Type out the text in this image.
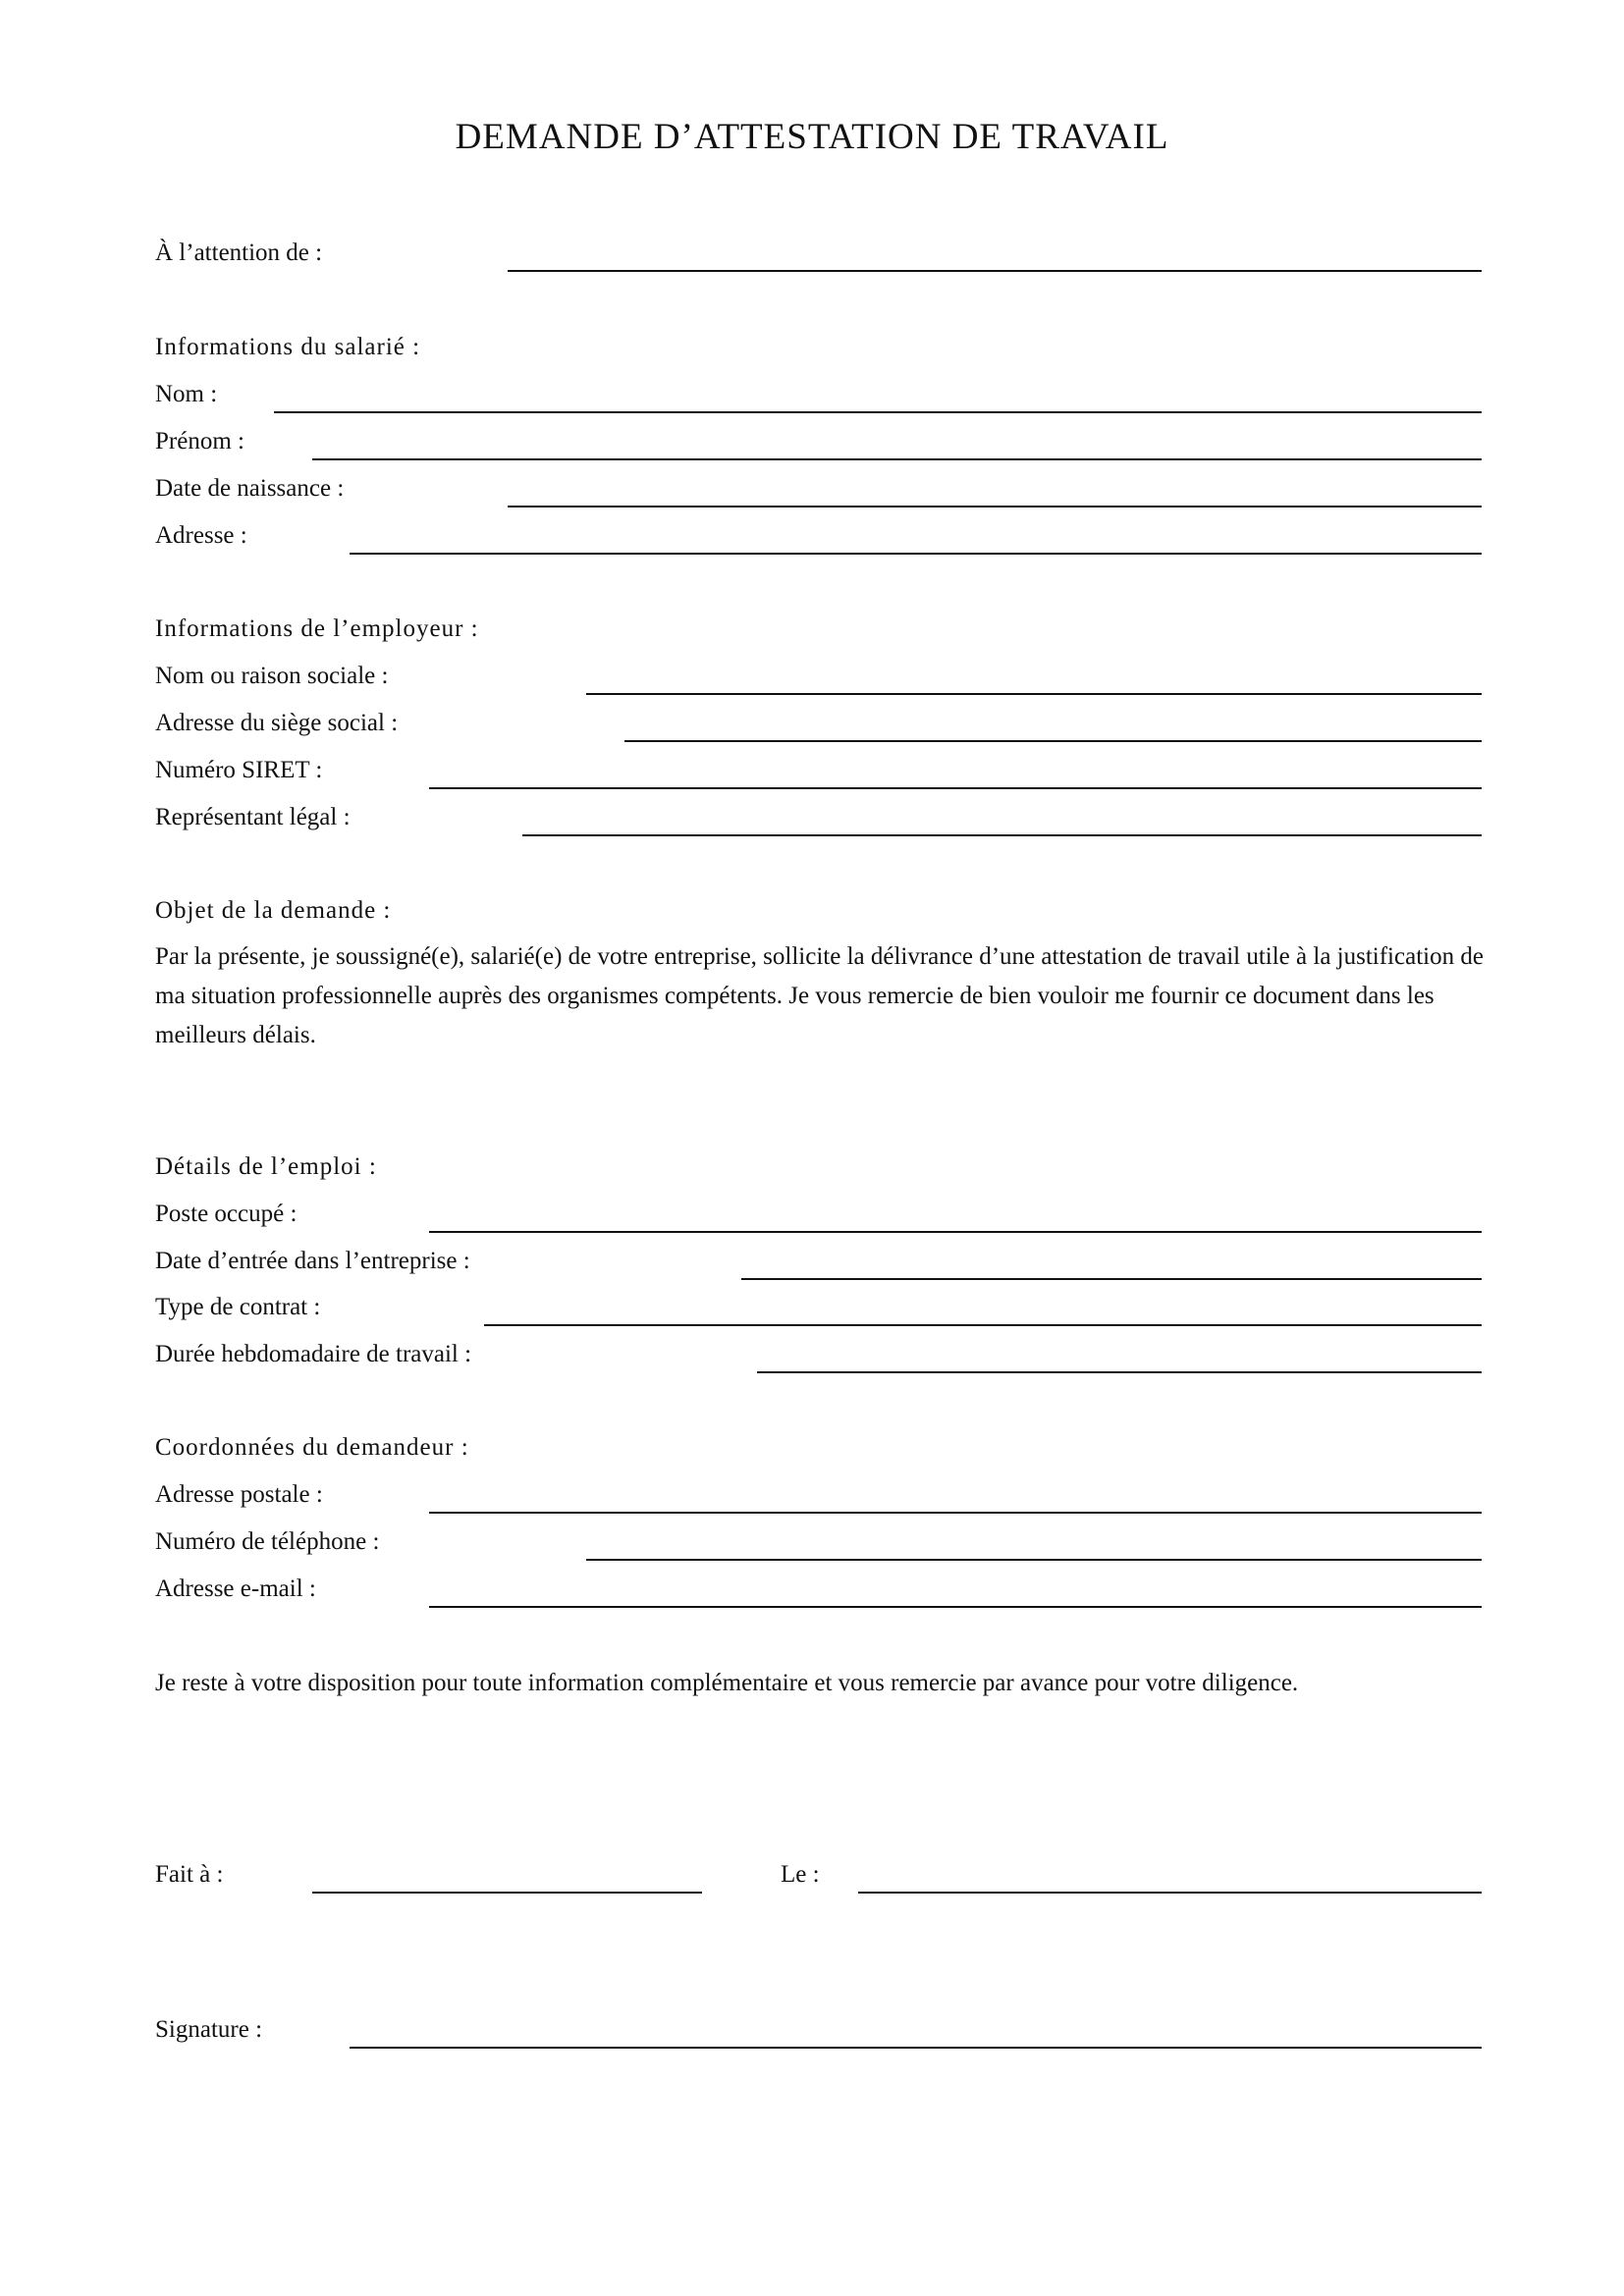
DEMANDE D’ATTESTATION DE TRAVAIL
À l’attention de :
Informations du salarié :
Nom :
Prénom :
Date de naissance :
Adresse :
Informations de l’employeur :
Nom ou raison sociale :
Adresse du siège social :
Numéro SIRET :
Représentant légal :
Objet de la demande :

Par la présente, je soussigné(e), salarié(e) de votre entreprise, sollicite la délivrance d’une attestation de travail utile à la justification de ma situation professionnelle auprès des organismes compétents. Je vous remercie de bien vouloir me fournir ce document dans les meilleurs délais.

Détails de l’emploi :
Poste occupé :
Date d’entrée dans l’entreprise :
Type de contrat :
Durée hebdomadaire de travail :
Coordonnées du demandeur :
Adresse postale :
Numéro de téléphone :
Adresse e-mail :

Je reste à votre disposition pour toute information complémentaire et vous remercie par avance pour votre diligence.

Fait à :	Le :
Signature :
